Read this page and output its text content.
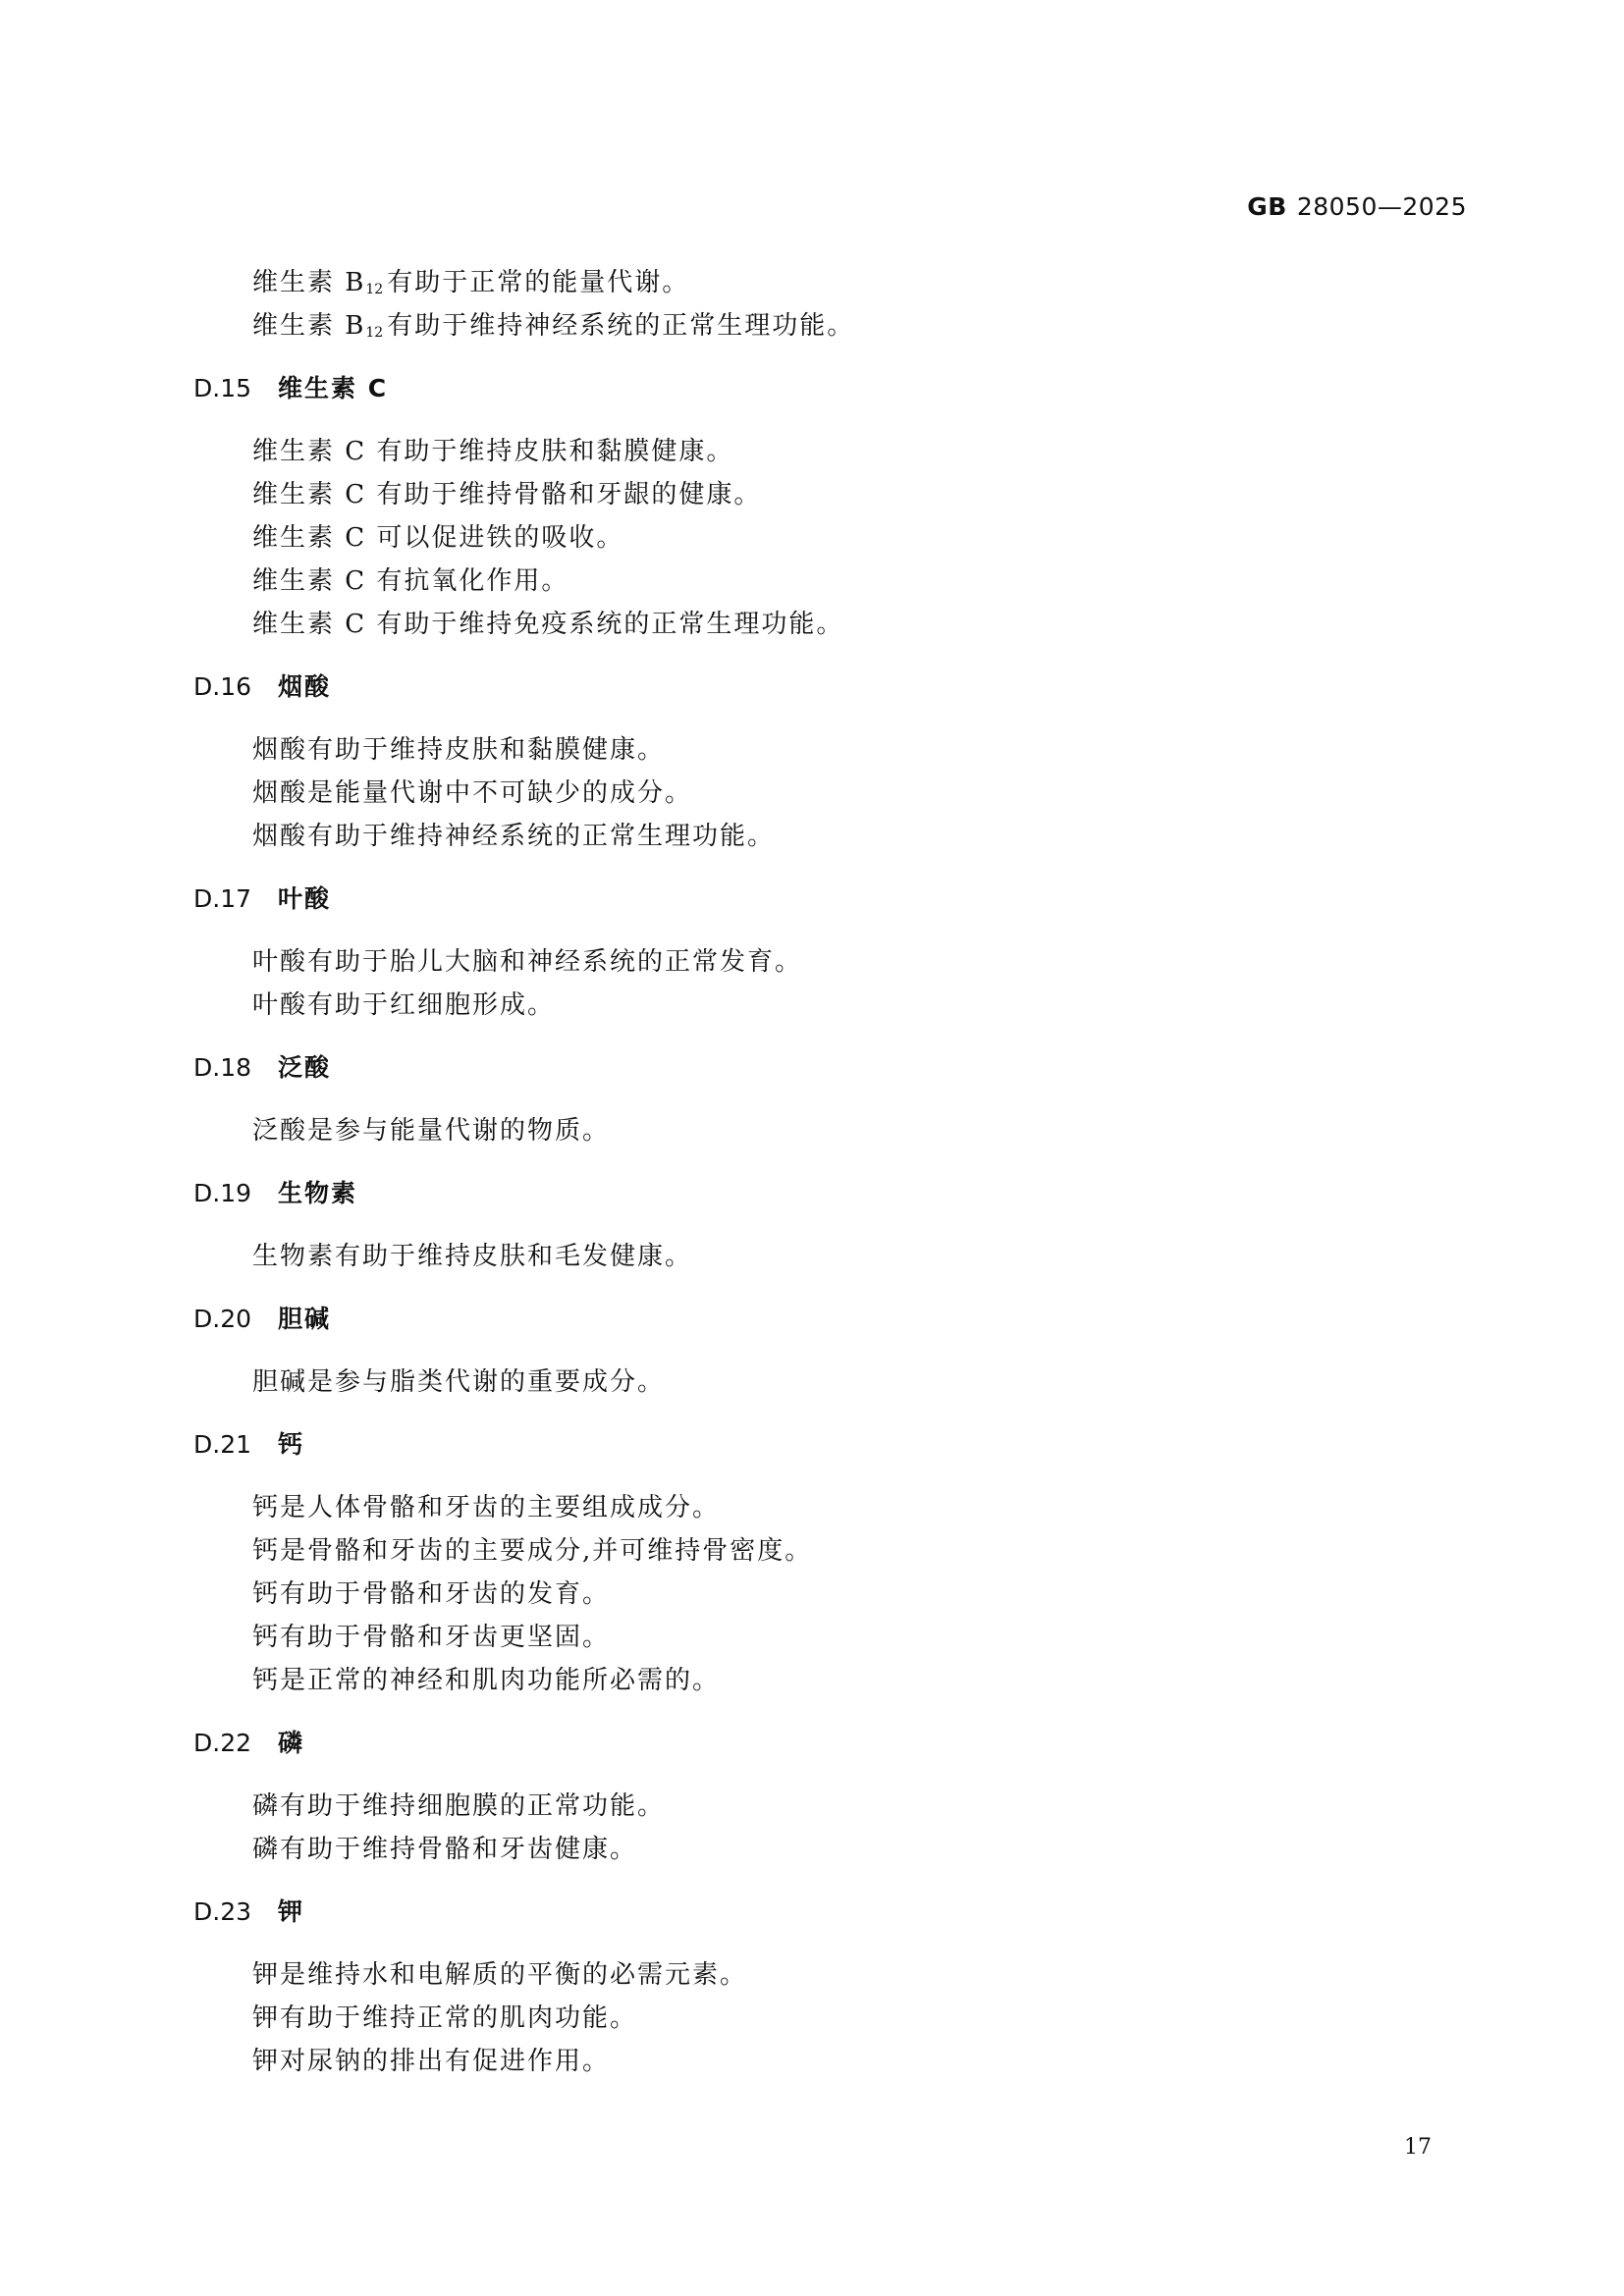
GB 28050—2025
维生素 $B_{12}$ 有助于正常的能量代谢。
维生素 $B_{12}$ 有助于维持神经系统的正常生理功能。
D.15 维生素 C
维生素 C 有助于维持皮肤和黏膜健康。
维生素 C 有助于维持骨骼和牙龈的健康。
维生素 C 可以促进铁的吸收。
维生素 C 有抗氧化作用。
维生素 C 有助于维持免疫系统的正常生理功能。
D.16 烟酸
烟酸有助于维持皮肤和黏膜健康。
烟酸是能量代谢中不可缺少的成分。
烟酸有助于维持神经系统的正常生理功能。
D.17 叶酸
叶酸有助于胎儿大脑和神经系统的正常发育。
叶酸有助于红细胞形成。
D.18 泛酸
泛酸是参与能量代谢的物质。
D.19 生物素
生物素有助于维持皮肤和毛发健康。
D.20 胆碱
胆碱是参与脂类代谢的重要成分。
D.21 钙
钙是人体骨骼和牙齿的主要组成成分。
钙是骨骼和牙齿的主要成分,并可维持骨密度。
钙有助于骨骼和牙齿的发育。
钙有助于骨骼和牙齿更坚固。
钙是正常的神经和肌肉功能所必需的。
D.22 磷
磷有助于维持细胞膜的正常功能。
磷有助于维持骨骼和牙齿健康。
D.23 钾
钾是维持水和电解质的平衡的必需元素。
钾有助于维持正常的肌肉功能。
钾对尿钠的排出有促进作用。
17
